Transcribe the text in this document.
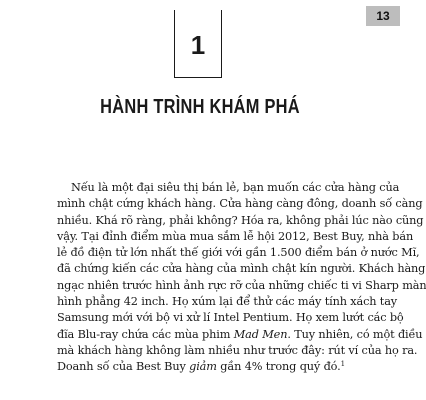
13
1
HÀNH TRÌNH KHÁM PHÁ
Nếu là một đại siêu thị bán lẻ, bạn muốn các cửa hàng của
mình chật cứng khách hàng. Cửa hàng càng đông, doanh số càng
nhiều. Khá rõ ràng, phải không? Hóa ra, không phải lúc nào cũng
vậy. Tại đỉnh điểm mùa mua sắm lễ hội 2012, Best Buy, nhà bán
lẻ đồ điện tử lớn nhất thế giới với gần 1.500 điểm bán ở nước Mĩ,
đã chứng kiến các cửa hàng của mình chật kín người. Khách hàng
ngạc nhiên trước hình ảnh rực rỡ của những chiếc ti vi Sharp màn
hình phẳng 42 inch. Họ xúm lại để thử các máy tính xách tay
Samsung mới với bộ vi xử lí Intel Pentium. Họ xem lướt các bộ
đĩa Blu-ray chứa các mùa phim Mad Men. Tuy nhiên, có một điều
mà khách hàng không làm nhiều như trước đây: rút ví của họ ra.
Doanh số của Best Buy giảm gần 4% trong quý đó.$^1$
